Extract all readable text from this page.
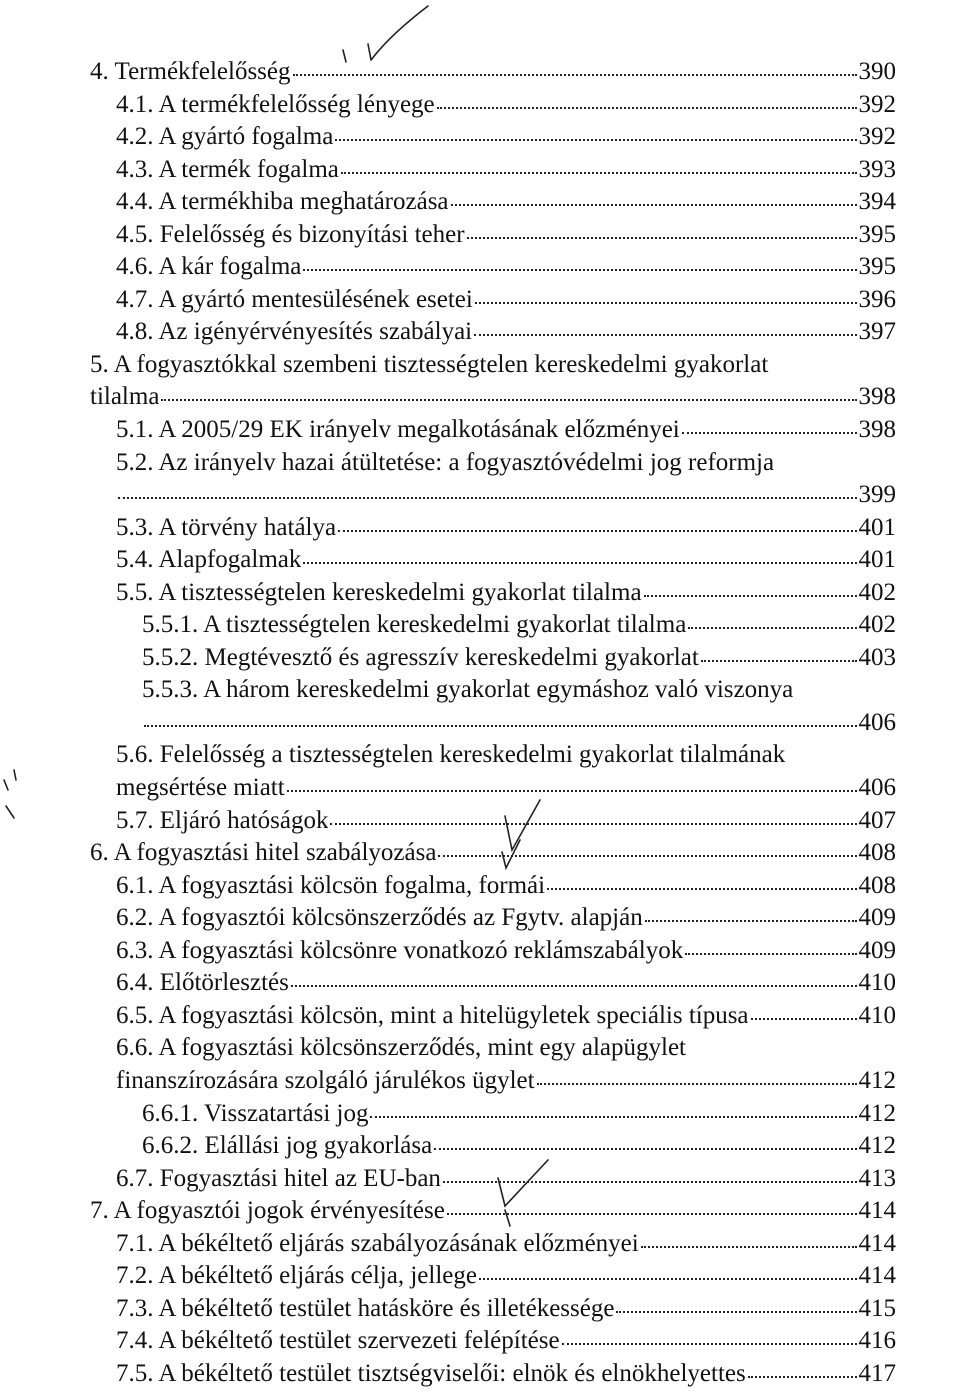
4. Termékfelelősség	390
4.1. A termékfelelősség lényege	392
4.2. A gyártó fogalma	392
4.3. A termék fogalma	393
4.4. A termékhiba meghatározása	394
4.5. Felelősség és bizonyítási teher	395
4.6. A kár fogalma	395
4.7. A gyártó mentesülésének esetei	396
4.8. Az igényérvényesítés szabályai	397
5. A fogyasztókkal szembeni tisztességtelen kereskedelmi gyakorlat
tilalma	398
5.1. A 2005/29 EK irányelv megalkotásának előzményei	398
5.2. Az irányelv hazai átültetése: a fogyasztóvédelmi jog reformja
399
5.3. A törvény hatálya	401
5.4. Alapfogalmak	401
5.5. A tisztességtelen kereskedelmi gyakorlat tilalma	402
5.5.1. A tisztességtelen kereskedelmi gyakorlat tilalma	402
5.5.2. Megtévesztő és agresszív kereskedelmi gyakorlat	403
5.5.3. A három kereskedelmi gyakorlat egymáshoz való viszonya
406
5.6. Felelősség a tisztességtelen kereskedelmi gyakorlat tilalmának
megsértése miatt	406
5.7. Eljáró hatóságok	407
6. A fogyasztási hitel szabályozása	408
6.1. A fogyasztási kölcsön fogalma, formái	408
6.2. A fogyasztói kölcsönszerződés az Fgytv. alapján	409
6.3. A fogyasztási kölcsönre vonatkozó reklámszabályok	409
6.4. Előtörlesztés	410
6.5. A fogyasztási kölcsön, mint a hitelügyletek speciális típusa	410
6.6. A fogyasztási kölcsönszerződés, mint egy alapügylet
finanszírozására szolgáló járulékos ügylet	412
6.6.1. Visszatartási jog	412
6.6.2. Elállási jog gyakorlása	412
6.7. Fogyasztási hitel az EU-ban	413
7. A fogyasztói jogok érvényesítése	414
7.1. A békéltető eljárás szabályozásának előzményei	414
7.2. A békéltető eljárás célja, jellege	414
7.3. A békéltető testület hatásköre és illetékessége	415
7.4. A békéltető testület szervezeti felépítése	416
7.5. A békéltető testület tisztségviselői: elnök és elnökhelyettes	417
